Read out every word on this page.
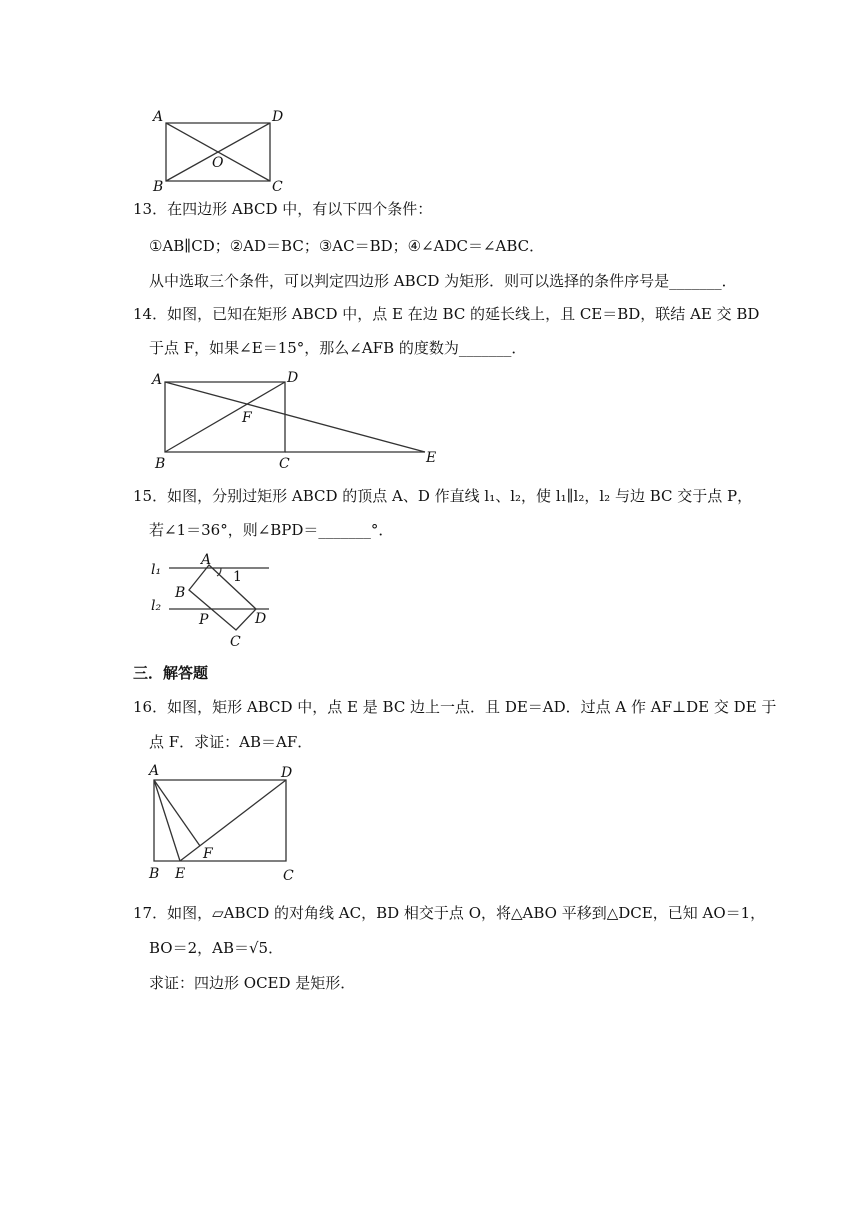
A	D
B	C
O
13．在四边形 ABCD 中，有以下四个条件：
①AB∥CD；②AD＝BC；③AC＝BD；④∠ADC＝∠ABC．
从中选取三个条件，可以判定四边形 ABCD 为矩形．则可以选择的条件序号是_______．
14．如图，已知在矩形 ABCD 中，点 E 在边 BC 的延长线上，且 CE＝BD，联结 AE 交 BD
于点 F，如果∠E＝15°，那么∠AFB 的度数为_______．
A	D
B	C	E
F
15．如图，分别过矩形 ABCD 的顶点 A、D 作直线 l₁、l₂，使 l₁∥l₂，l₂ 与边 BC 交于点 P，
若∠1＝36°，则∠BPD＝_______°．
l₁
l₂
A
B
P	D
C
1
三．解答题
16．如图，矩形 ABCD 中，点 E 是 BC 边上一点．且 DE＝AD．过点 A 作 AF⊥DE 交 DE 于
点 F．求证：AB＝AF．
A	D
B E	C
F
17．如图，▱ABCD 的对角线 AC，BD 相交于点 O，将△ABO 平移到△DCE，已知 AO＝1，
BO＝2，AB＝√5．
求证：四边形 OCED 是矩形．
